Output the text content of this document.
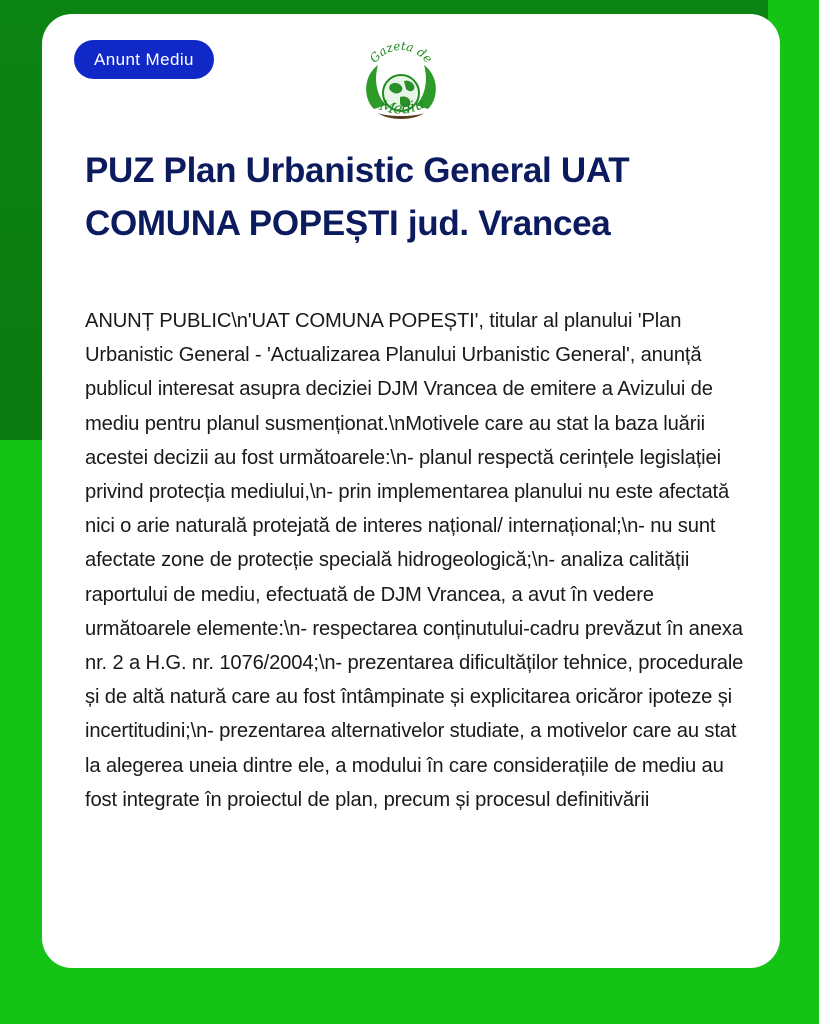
Anunt Mediu	Gazeta de
Mediu
PUZ Plan Urbanistic General UAT COMUNA POPEȘTI jud. Vrancea

ANUNȚ PUBLIC\n'UAT COMUNA POPEȘTI', titular al planului 'Plan Urbanistic General - 'Actualizarea Planului Urbanistic General', anunță publicul interesat asupra deciziei DJM Vrancea de emitere a Avizului de mediu pentru planul susmenționat.\nMotivele care au stat la baza luării acestei decizii au fost următoarele:\n- planul respectă cerințele legislației privind protecția mediului,\n- prin implementarea planului nu este afectată nici o arie naturală protejată de interes național/ internațional;\n- nu sunt afectate zone de protecție specială hidrogeologică;\n- analiza calității raportului de mediu, efectuată de DJM Vrancea, a avut în vedere următoarele elemente:\n- respectarea conținutului-cadru prevăzut în anexa nr. 2 a H.G. nr. 1076/2004;\n- prezentarea dificultăților tehnice, procedurale și de altă natură care au fost întâmpinate și explicitarea oricăror ipoteze și incertitudini;\n- prezentarea alternativelor studiate, a motivelor care au stat la alegerea uneia dintre ele, a modului în care considerațiile de mediu au fost integrate în proiectul de plan, precum și procesul definitivării
